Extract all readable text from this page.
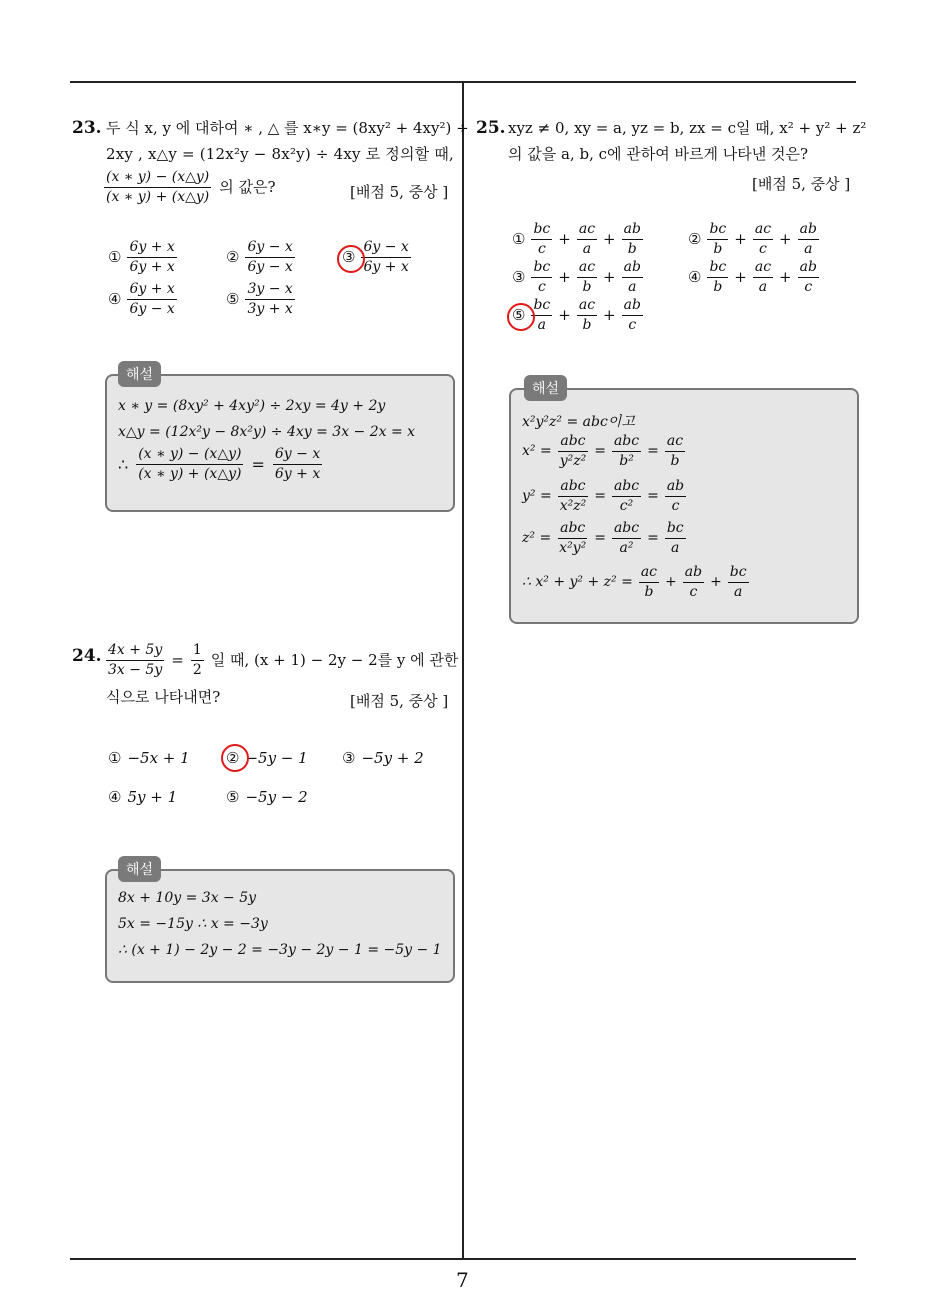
7
23. 두 식 x, y 에 대하여 ∗ , △ 를 x∗y = (8xy² + 4xy²) ÷
2xy , x△y = (12x²y − 8x²y) ÷ 4xy 로 정의할 때,
$\frac{(x ∗ y) - (x\triangle y)}{(x ∗ y) + (x\triangle y)}$ 의 값은?	[배점 5, 중상 ]
① $\frac{6y + x}{6y + x}$	② $\frac{6y - x}{6y - x}$	③ $\frac{6y - x}{6y + x}$
④ $\frac{6y + x}{6y - x}$	⑤ $\frac{3y - x}{3y + x}$
해설
x ∗ y = (8xy² + 4xy²) ÷ 2xy = 4y + 2y
x△y = (12x²y − 8x²y) ÷ 4xy = 3x − 2x = x
∴ $\frac{(x ∗ y) - (x\triangle y)}{(x ∗ y) + (x\triangle y)} = \frac{6y - x}{6y + x}$
24. $\frac{4x + 5y}{3x - 5y} = \frac{1}{2}$ 일 때, (x + 1) − 2y − 2를 y 에 관한
식으로 나타내면?	[배점 5, 중상 ]
① −5x + 1 ② −5y − 1 ③ −5y + 2
④ 5y + 1	⑤ −5y − 2
해설
8x + 10y = 3x − 5y
5x = −15y ∴ x = −3y
∴ (x + 1) − 2y − 2 = −3y − 2y − 1 = −5y − 1
25. xyz ≠ 0, xy = a, yz = b, zx = c일 때, x² + y² + z²
의 값을 a, b, c에 관하여 바르게 나타낸 것은?
[배점 5, 중상 ]
① $\frac{bc}{c} + \frac{ac}{a} + \frac{ab}{b}$	② $\frac{bc}{b} + \frac{ac}{c} + \frac{ab}{a}$
③ $\frac{bc}{c} + \frac{ac}{b} + \frac{ab}{a}$	④ $\frac{bc}{b} + \frac{ac}{a} + \frac{ab}{c}$
⑤ $\frac{bc}{a} + \frac{ac}{b} + \frac{ab}{c}$
해설
x²y²z² = abc이고
$x^2 = \frac{\text{abc}}{\text{y²z²}} = \frac{\text{abc}}{\text{b²}} = \frac{ac}{b}$
$y^2 = \frac{\text{abc}}{\text{x²z²}} = \frac{\text{abc}}{\text{c²}} = \frac{ab}{c}$
$z^2 = \frac{\text{abc}}{\text{x²y²}} = \frac{\text{abc}}{\text{a²}} = \frac{bc}{a}$
∴ $x^2 + y^2 + z^2 = \frac{ac}{b} + \frac{ab}{c} + \frac{bc}{a}$
